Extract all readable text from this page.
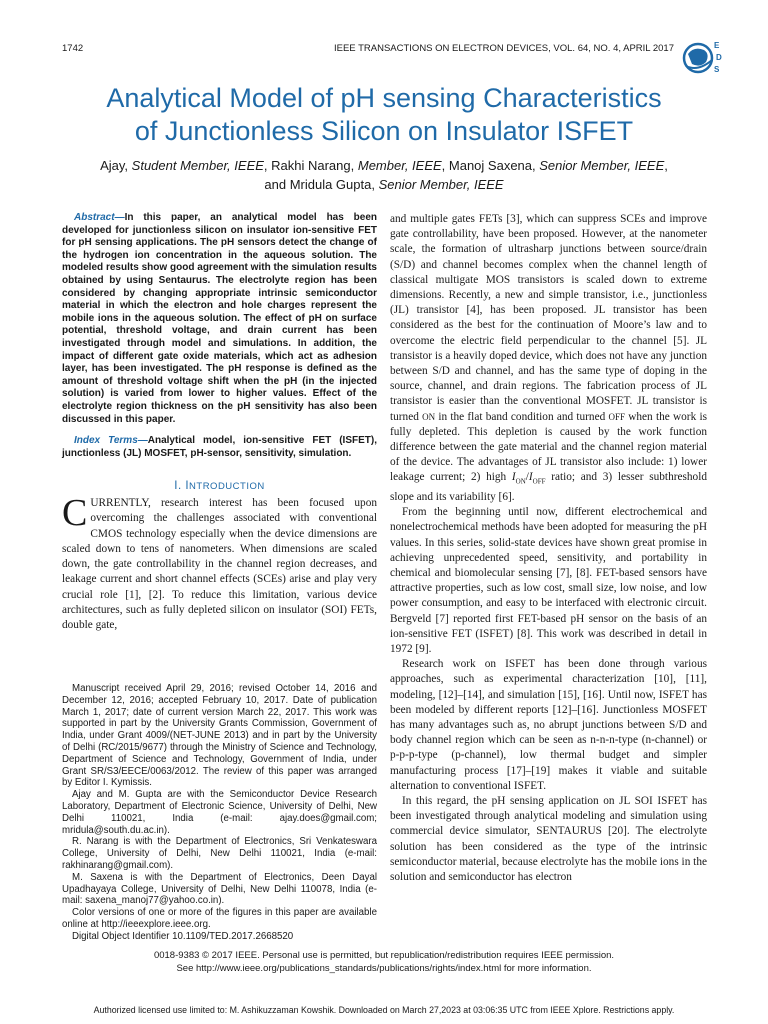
1742	IEEE TRANSACTIONS ON ELECTRON DEVICES, VOL. 64, NO. 4, APRIL 2017	E
D
S
Analytical Model of pH sensing Characteristics
of Junctionless Silicon on Insulator ISFET
Ajay, Student Member, IEEE, Rakhi Narang, Member, IEEE, Manoj Saxena, Senior Member, IEEE,
and Mridula Gupta, Senior Member, IEEE

Abstract—In this paper, an analytical model has been developed for junctionless silicon on insulator ion-sensitive FET for pH sensing applications. The pH sensors detect the change of the hydrogen ion concentration in the aqueous solution. The modeled results show good agreement with the simulation results obtained by using Sentaurus. The electrolyte region has been considered by changing appropriate intrinsic semiconductor material in which the electron and hole charges represent the mobile ions in the aqueous solution. The effect of pH on surface potential, threshold voltage, and drain current has been investigated through model and simulations. In addition, the impact of different gate oxide materials, which act as adhesion layer, has been investigated. The pH response is defined as the amount of threshold voltage shift when the pH (in the injected solution) is varied from lower to higher values. Effect of the electrolyte region thickness on the pH sensitivity has also been discussed in this paper.

Index Terms—Analytical model, ion-sensitive FET (ISFET), junctionless (JL) MOSFET, pH-sensor, sensitivity, simulation.

I. INTRODUCTION

CURRENTLY, research interest has been focused upon overcoming the challenges associated with conventional CMOS technology especially when the device dimensions are scaled down to tens of nanometers. When dimensions are scaled down, the gate controllability in the channel region decreases, and leakage current and short channel effects (SCEs) arise and play very crucial role [1], [2]. To reduce this limitation, various device architectures, such as fully depleted silicon on insulator (SOI) FETs, double gate,

Manuscript received April 29, 2016; revised October 14, 2016 and December 12, 2016; accepted February 10, 2017. Date of publication March 1, 2017; date of current version March 22, 2017. This work was supported in part by the University Grants Commission, Government of India, under Grant 4009/(NET-JUNE 2013) and in part by the University of Delhi (RC/2015/9677) through the Ministry of Science and Technology, Department of Science and Technology, Government of India, under Grant SR/S3/EECE/0063/2012. The review of this paper was arranged by Editor I. Kymissis.

Ajay and M. Gupta are with the Semiconductor Device Research Laboratory, Department of Electronic Science, University of Delhi, New Delhi 110021, India (e-mail: ajay.does@gmail.com; mridula@south.du.ac.in).

R. Narang is with the Department of Electronics, Sri Venkateswara College, University of Delhi, New Delhi 110021, India (e-mail: rakhinarang@gmail.com).

M. Saxena is with the Department of Electronics, Deen Dayal Upadhayaya College, University of Delhi, New Delhi 110078, India (e-mail: saxena_manoj77@yahoo.co.in).

Color versions of one or more of the figures in this paper are available online at http://ieeexplore.ieee.org.

Digital Object Identifier 10.1109/TED.2017.2668520

and multiple gates FETs [3], which can suppress SCEs and improve gate controllability, have been proposed. However, at the nanometer scale, the formation of ultrasharp junctions between source/drain (S/D) and channel becomes complex when the channel length of classical multigate MOS transistors is scaled down to extreme dimensions. Recently, a new and simple transistor, i.e., junctionless (JL) transistor [4], has been proposed. JL transistor has been considered as the best for the continuation of Moore’s law and to overcome the electric field perpendicular to the channel [5]. JL transistor is a heavily doped device, which does not have any junction between S/D and channel, and has the same type of doping in the source, channel, and drain regions. The fabrication process of JL transistor is easier than the conventional MOSFET. JL transistor is turned ON in the flat band condition and turned OFF when the work is fully depleted. This depletion is caused by the work function difference between the gate material and the channel region material of the device. The advantages of JL transistor also include: 1) lower leakage current; 2) high $I_{ON}/I_{OFF}$ ratio; and 3) lesser subthreshold slope and its variability [6].

From the beginning until now, different electrochemical and nonelectrochemical methods have been adopted for measuring the pH values. In this series, solid-state devices have shown great promise in achieving unprecedented speed, sensitivity, and portability in chemical and biomolecular sensing [7], [8]. FET-based sensors have attractive properties, such as low cost, small size, low noise, and low power consumption, and easy to be interfaced with electronic circuit. Bergveld [7] reported first FET-based pH sensor on the basis of an ion-sensitive FET (ISFET) [8]. This work was described in detail in 1972 [9].

Research work on ISFET has been done through various approaches, such as experimental characterization [10], [11], modeling, [12]–[14], and simulation [15], [16]. Until now, ISFET has been modeled by different reports [12]–[16]. Junctionless MOSFET has many advantages such as, no abrupt junctions between S/D and body channel region which can be seen as n-n-n-type (n-channel) or p-p-p-type (p-channel), low thermal budget and simpler manufacturing process [17]–[19] makes it viable and suitable alternation to conventional ISFET.

In this regard, the pH sensing application on JL SOI ISFET has been investigated through analytical modeling and simulation using commercial device simulator, SENTAURUS [20]. The electrolyte solution has been considered as the type of the intrinsic semiconductor material, because electrolyte has the mobile ions in the solution and semiconductor has electron

0018-9383 © 2017 IEEE. Personal use is permitted, but republication/redistribution requires IEEE permission.
See http://www.ieee.org/publications_standards/publications/rights/index.html for more information.
Authorized licensed use limited to: M. Ashikuzzaman Kowshik. Downloaded on March 27,2023 at 03:06:35 UTC from IEEE Xplore. Restrictions apply.
